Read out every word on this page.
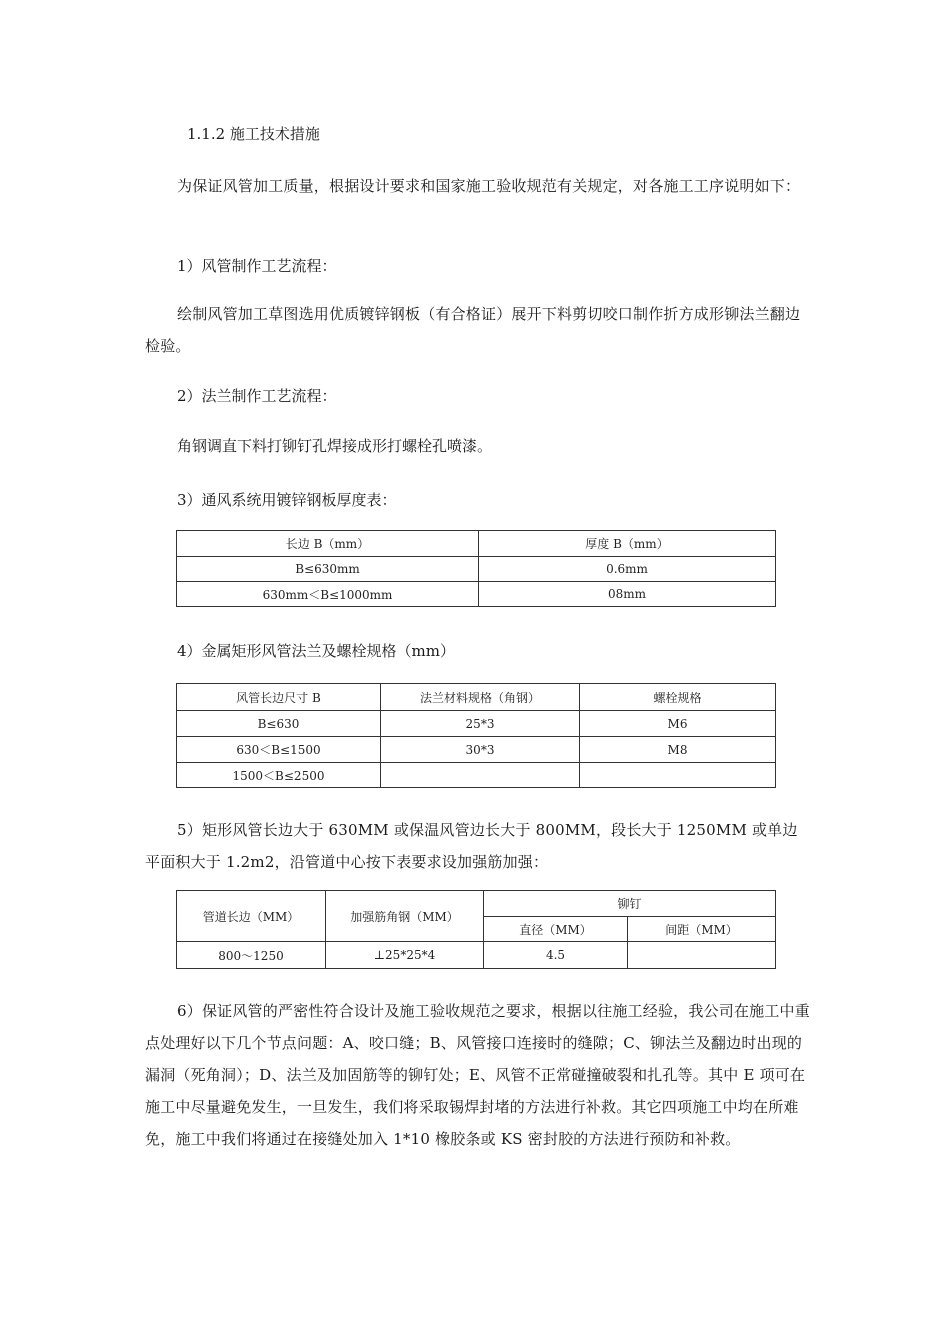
1.1.2 施工技术措施
为保证风管加工质量，根据设计要求和国家施工验收规范有关规定，对各施工工序说明如下：
1）风管制作工艺流程：
绘制风管加工草图选用优质镀锌钢板（有合格证）展开下料剪切咬口制作折方成形铆法兰翻边检验。
2）法兰制作工艺流程：
角钢调直下料打铆钉孔焊接成形打螺栓孔喷漆。
3）通风系统用镀锌钢板厚度表：
长边 B（mm）	厚度 B（mm）
B≤630mm	0.6mm
630mm＜B≤1000mm	08mm
4）金属矩形风管法兰及螺栓规格（mm）
风管长边尺寸 B	法兰材料规格（角钢）	螺栓规格
B≤630	25*3	M6
630＜B≤1500	30*3	M8
1500＜B≤2500		
5）矩形风管长边大于 630MM 或保温风管边长大于 800MM，段长大于 1250MM 或单边平面积大于 1.2m2，沿管道中心按下表要求设加强筋加强：
管道长边（MM）	加强筋角钢（MM）	铆钉	
		直径（MM）	间距（MM）
800～1250	⊥25*25*4	4.5	
6）保证风管的严密性符合设计及施工验收规范之要求，根据以往施工经验，我公司在施工中重点处理好以下几个节点问题：A、咬口缝；B、风管接口连接时的缝隙；C、铆法兰及翻边时出现的漏洞（死角洞）；D、法兰及加固筋等的铆钉处；E、风管不正常碰撞破裂和扎孔等。其中 E 项可在施工中尽量避免发生，一旦发生，我们将采取锡焊封堵的方法进行补救。其它四项施工中均在所难免，施工中我们将通过在接缝处加入 1*10 橡胶条或 KS 密封胶的方法进行预防和补救。
